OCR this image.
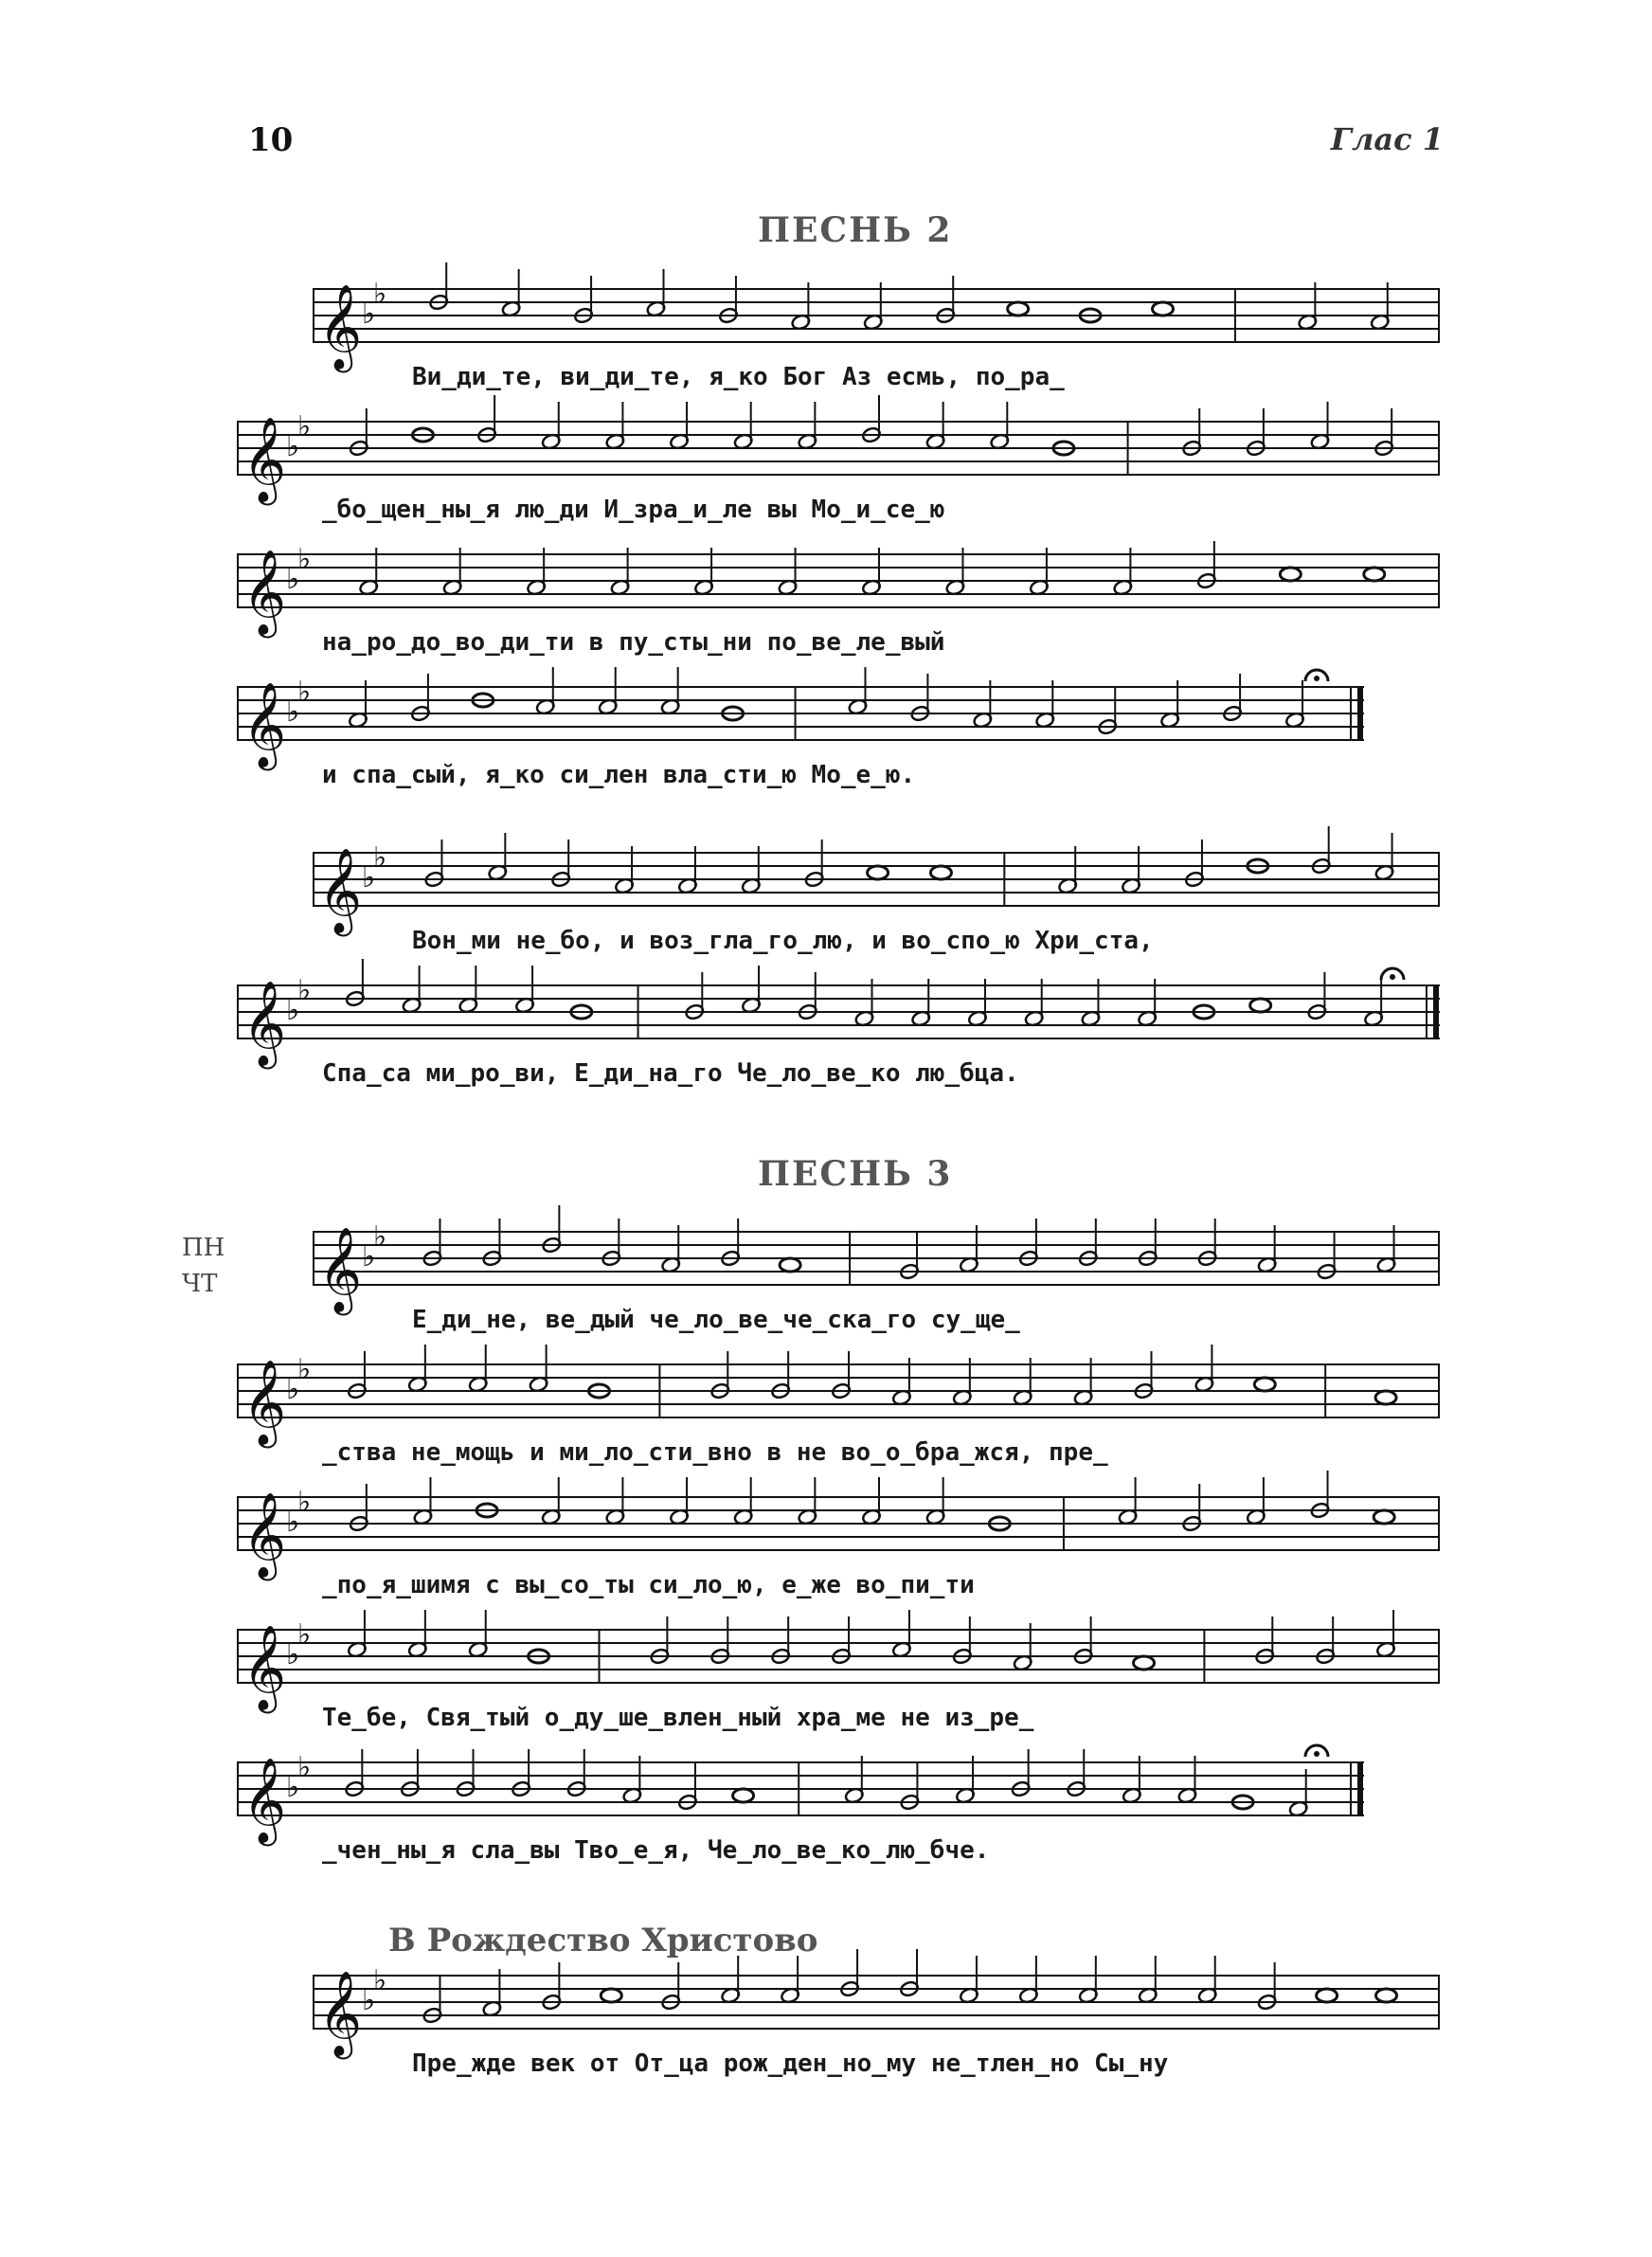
10	Глас 1
ПЕСНЬ 2
ПЕСНЬ 3
ПН
ЧТ
В Рождество Христово
𝄞 ♭
♭
Ви_ди_те, ви_ди_те, я_ко Бог Аз есмь, по_ра_
𝄞 ♭
♭
_бо_щен_ны_я лю_ди И_зра_и_ле вы Мо_и_се_ю
𝄞 ♭
♭
на_ро_до_во_ди_ти в пу_сты_ни по_ве_ле_вый
𝄞 ♭
♭
и спа_сый, я_ко си_лен вла_сти_ю Мо_е_ю.
𝄞 ♭
♭
Вон_ми не_бо, и воз_гла_го_лю, и во_спо_ю Хри_ста,
𝄞 ♭
♭
Спа_са ми_ро_ви, Е_ди_на_го Че_ло_ве_ко лю_бца.
𝄞 ♭
♭
Е_ди_не, ве_дый че_ло_ве_че_ска_го су_ще_
𝄞 ♭
♭
_ства не_мощь и ми_ло_сти_вно в не во_о_бра_жся, пре_
𝄞 ♭
♭
_по_я_шимя с вы_со_ты си_ло_ю, е_же во_пи_ти
𝄞 ♭
♭
Те_бе, Свя_тый о_ду_ше_влен_ный хра_ме не из_ре_
𝄞 ♭
♭
_чен_ны_я сла_вы Тво_е_я, Че_ло_ве_ко_лю_бче.
𝄞 ♭
♭
Пре_жде век от От_ца рож_ден_но_му не_тлен_но Сы_ну
